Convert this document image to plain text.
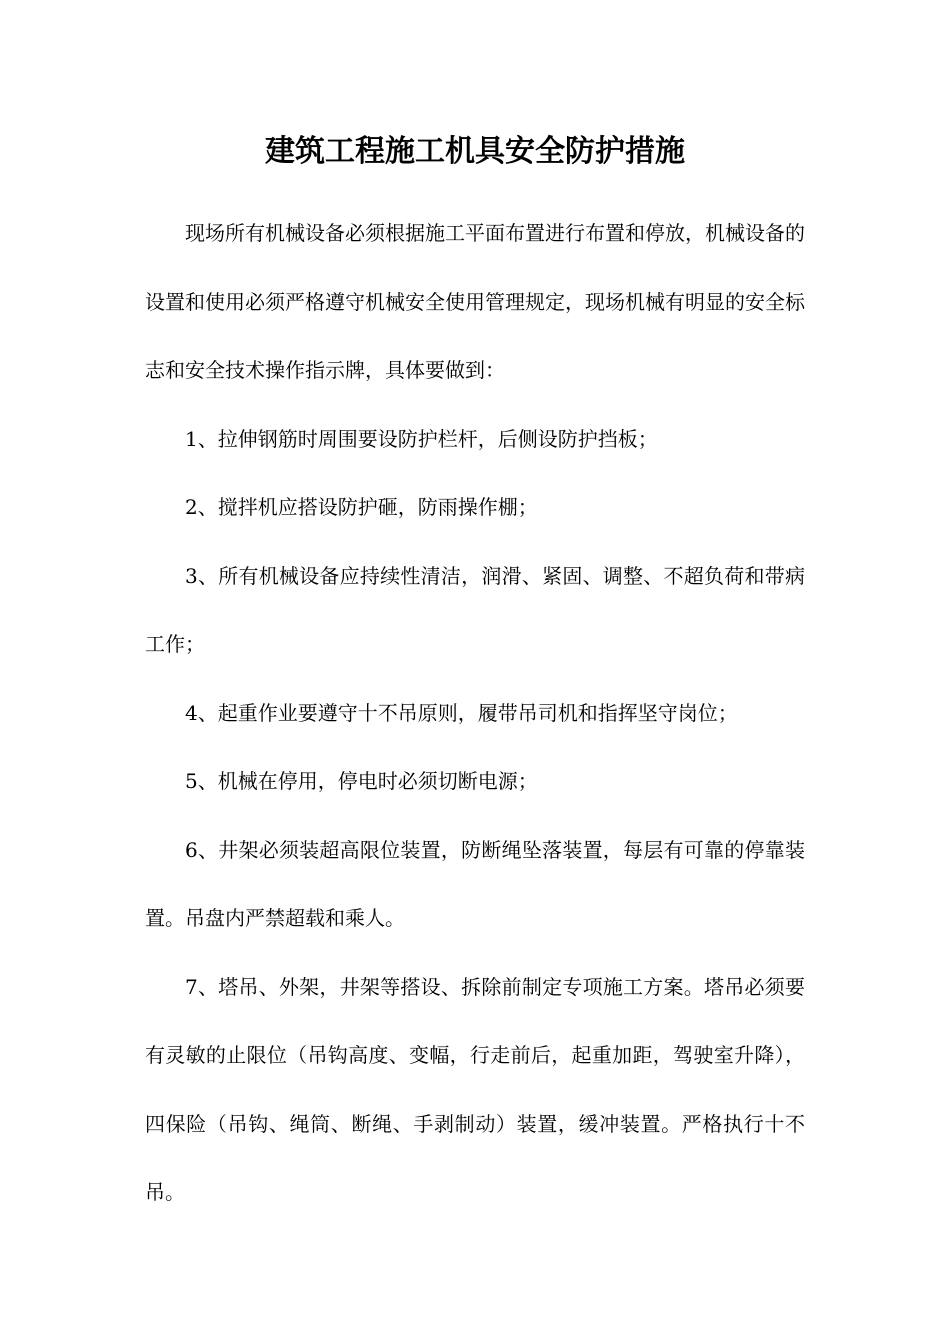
建筑工程施工机具安全防护措施

现场所有机械设备必须根据施工平面布置进行布置和停放，机械设备的设置和使用必须严格遵守机械安全使用管理规定，现场机械有明显的安全标志和安全技术操作指示牌，具体要做到：

1、拉伸钢筋时周围要设防护栏杆，后侧设防护挡板；

2、搅拌机应搭设防护砸，防雨操作棚；

3、所有机械设备应持续性清洁，润滑、紧固、调整、不超负荷和带病工作；

4、起重作业要遵守十不吊原则，履带吊司机和指挥坚守岗位；

5、机械在停用，停电时必须切断电源；

6、井架必须装超高限位装置，防断绳坠落装置，每层有可靠的停靠装置。吊盘内严禁超载和乘人。

7、塔吊、外架，井架等搭设、拆除前制定专项施工方案。塔吊必须要有灵敏的止限位（吊钩高度、变幅，行走前后，起重加距，驾驶室升降），四保险（吊钩、绳筒、断绳、手剥制动）装置，缓冲装置。严格执行十不吊。
